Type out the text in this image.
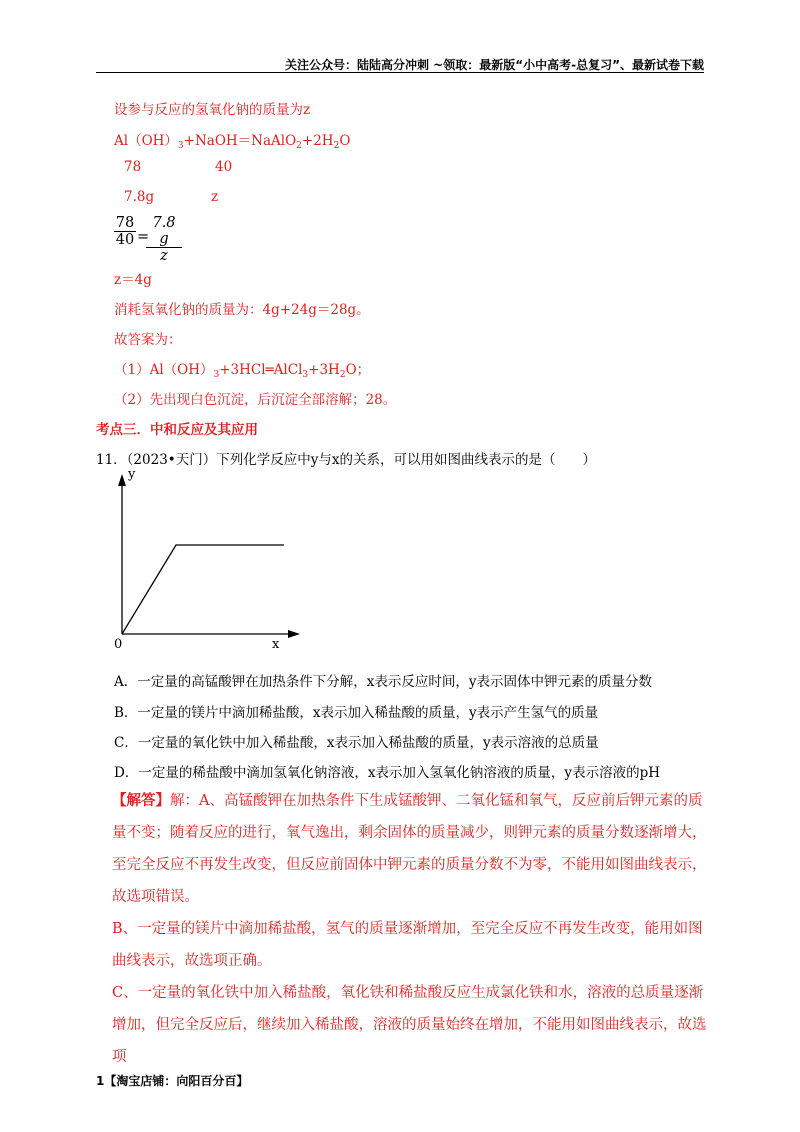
关注公众号：陆陆高分冲刺 ~领取：最新版“小中高考-总复习”、最新试卷下载
设参与反应的氢氧化钠的质量为z
$Al(OH)_3+NaOH=NaAlO_2+2H_2O$
78	40
7.8g	z
78
40 =
7.8 g
z
z＝4g
消耗氢氧化钠的质量为：4g+24g＝28g。
故答案为：
$(1)Al(OH)_3+3HCl═AlCl_3+3H_2O$；
（2）先出现白色沉淀，后沉淀全部溶解；28。
考点三．中和反应及其应用
11．（2023•天门）下列化学反应中y与x的关系，可以用如图曲线表示的是（　　）
y
x
0
A．一定量的高锰酸钾在加热条件下分解，x表示反应时间，y表示固体中钾元素的质量分数
B．一定量的镁片中滴加稀盐酸，x表示加入稀盐酸的质量，y表示产生氢气的质量
C．一定量的氧化铁中加入稀盐酸，x表示加入稀盐酸的质量，y表示溶液的总质量
D．一定量的稀盐酸中滴加氢氧化钠溶液，x表示加入氢氧化钠溶液的质量，y表示溶液的pH
【解答】解：A、高锰酸钾在加热条件下生成锰酸钾、二氧化锰和氧气，反应前后钾元素的质量不变；随着反应的进行，氧气逸出，剩余固体的质量减少，则钾元素的质量分数逐渐增大，至完全反应不再发生改变，但反应前固体中钾元素的质量分数不为零，不能用如图曲线表示，故选项错误。
B、一定量的镁片中滴加稀盐酸，氢气的质量逐渐增加，至完全反应不再发生改变，能用如图曲线表示，故选项正确。
C、一定量的氧化铁中加入稀盐酸，氧化铁和稀盐酸反应生成氯化铁和水，溶液的总质量逐渐增加，但完全反应后，继续加入稀盐酸，溶液的质量始终在增加，不能用如图曲线表示，故选项
1【淘宝店铺：向阳百分百】
